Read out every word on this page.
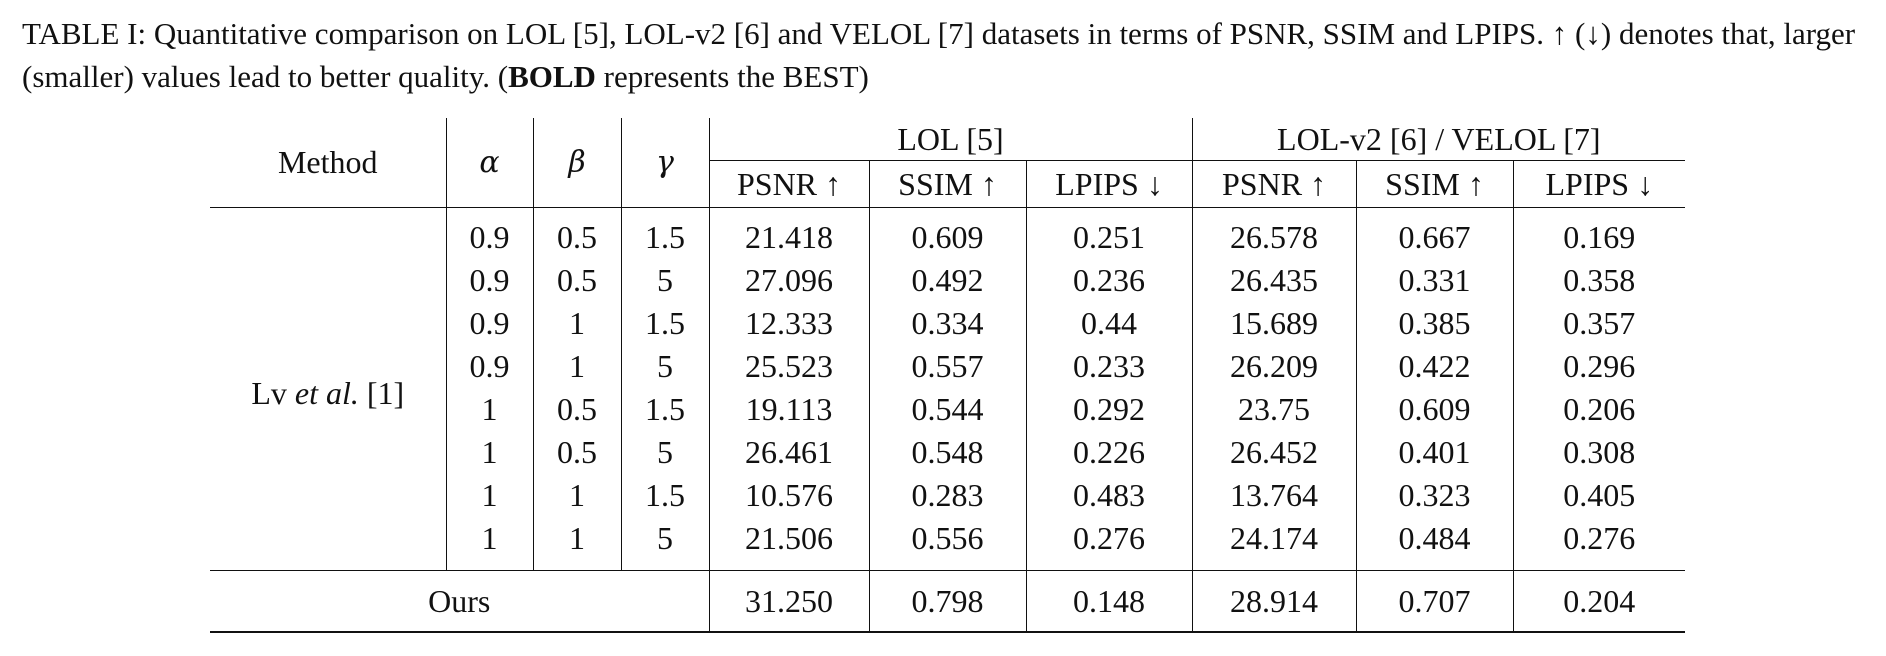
TABLE I: Quantitative comparison on LOL [5], LOL-v2 [6] and VELOL [7] datasets in terms of PSNR, SSIM and LPIPS. ↑ (↓) denotes that, larger (smaller) values lead to better quality. (BOLD represents the BEST)

Method	α	β	γ	LOL [5]			LOL-v2 [6] / VELOL [7]		
				PSNR ↑	SSIM ↑	LPIPS ↓	PSNR ↑	SSIM ↑	LPIPS ↓
Lv et al. [1]	0.9	0.5	1.5	21.418	0.609	0.251	26.578	0.667	0.169
	0.9	0.5	5	27.096	0.492	0.236	26.435	0.331	0.358
	0.9	1	1.5	12.333	0.334	0.44	15.689	0.385	0.357
	0.9	1	5	25.523	0.557	0.233	26.209	0.422	0.296
	1	0.5	1.5	19.113	0.544	0.292	23.75	0.609	0.206
	1	0.5	5	26.461	0.548	0.226	26.452	0.401	0.308
	1	1	1.5	10.576	0.283	0.483	13.764	0.323	0.405
	1	1	5	21.506	0.556	0.276	24.174	0.484	0.276
Ours				31.250	0.798	0.148	28.914	0.707	0.204
